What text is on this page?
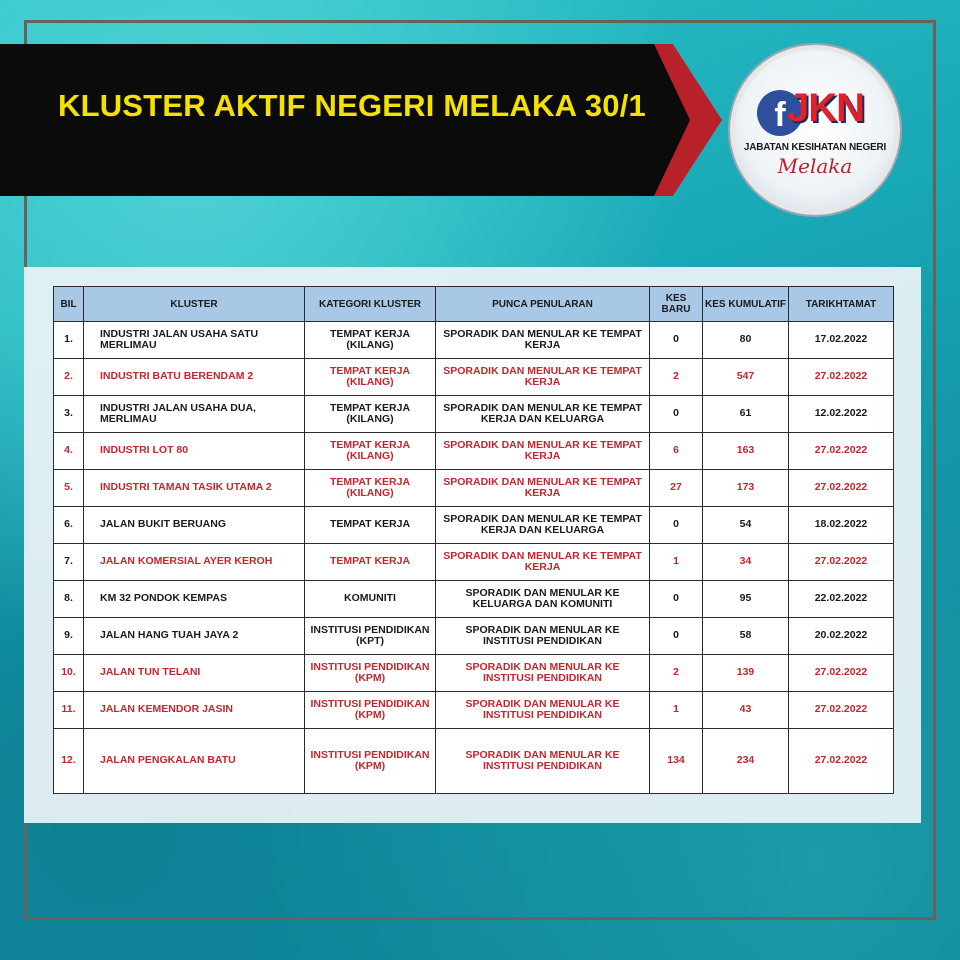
KLUSTER AKTIF NEGERI MELAKA 30/1	f JKN
JABATAN KESIHATAN NEGERI
Melaka
BIL	KLUSTER	KATEGORI KLUSTER	PUNCA PENULARAN	KES BARU	KES KUMULATIF	TARIKHTAMAT
1.	INDUSTRI JALAN USAHA SATU MERLIMAU	TEMPAT KERJA (KILANG)	SPORADIK DAN MENULAR KE TEMPAT KERJA	0	80	17.02.2022
2.	INDUSTRI BATU BERENDAM 2	TEMPAT KERJA (KILANG)	SPORADIK DAN MENULAR KE TEMPAT KERJA	2	547	27.02.2022
3.	INDUSTRI JALAN USAHA DUA, MERLIMAU	TEMPAT KERJA (KILANG)	SPORADIK DAN MENULAR KE TEMPAT KERJA DAN KELUARGA	0	61	12.02.2022
4.	INDUSTRI LOT 80	TEMPAT KERJA (KILANG)	SPORADIK DAN MENULAR KE TEMPAT KERJA	6	163	27.02.2022
5.	INDUSTRI TAMAN TASIK UTAMA 2	TEMPAT KERJA (KILANG)	SPORADIK DAN MENULAR KE TEMPAT KERJA	27	173	27.02.2022
6.	JALAN BUKIT BERUANG	TEMPAT KERJA	SPORADIK DAN MENULAR KE TEMPAT KERJA DAN KELUARGA	0	54	18.02.2022
7.	JALAN KOMERSIAL AYER KEROH	TEMPAT KERJA	SPORADIK DAN MENULAR KE TEMPAT KERJA	1	34	27.02.2022
8.	KM 32 PONDOK KEMPAS	KOMUNITI	SPORADIK DAN MENULAR KE KELUARGA DAN KOMUNITI	0	95	22.02.2022
9.	JALAN HANG TUAH JAYA 2	INSTITUSI PENDIDIKAN (KPT)	SPORADIK DAN MENULAR KE INSTITUSI PENDIDIKAN	0	58	20.02.2022
10.	JALAN TUN TELANI	INSTITUSI PENDIDIKAN (KPM)	SPORADIK DAN MENULAR KE INSTITUSI PENDIDIKAN	2	139	27.02.2022
11.	JALAN KEMENDOR JASIN	INSTITUSI PENDIDIKAN (KPM)	SPORADIK DAN MENULAR KE INSTITUSI PENDIDIKAN	1	43	27.02.2022
12.	JALAN PENGKALAN BATU	INSTITUSI PENDIDIKAN (KPM)	SPORADIK DAN MENULAR KE INSTITUSI PENDIDIKAN	134	234	27.02.2022
